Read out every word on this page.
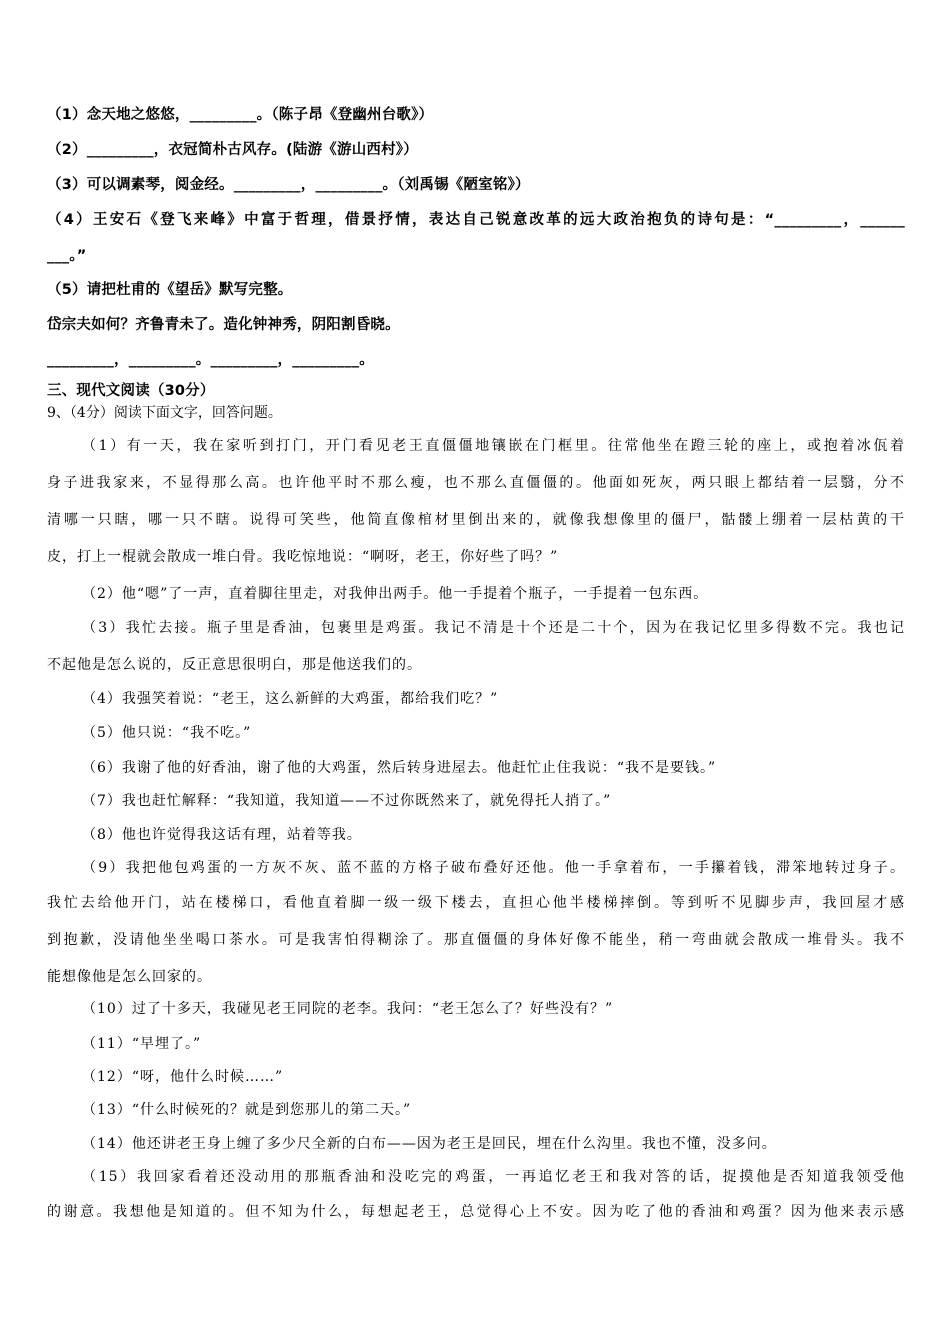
（1）念天地之悠悠，_________。（陈子昂《登幽州台歌》）
（2）_________，衣冠简朴古风存。(陆游《游山西村》）
（3）可以调素琴，阅金经。_________，_________。（刘禹锡《陋室铭》）
（4）王安石《登飞来峰》中富于哲理，借景抒情，表达自己锐意改革的远大政治抱负的诗句是：“_________，______
___。”
（5）请把杜甫的《望岳》默写完整。
岱宗夫如何？齐鲁青未了。造化钟神秀，阴阳割昏晓。
_________，_________。_________，_________。
三、现代文阅读（30分）
9、（4分）阅读下面文字，回答问题。
（1）有一天，我在家听到打门，开门看见老王直僵僵地镶嵌在门框里。往常他坐在蹬三轮的座上，或抱着冰佤着
身子进我家来，不显得那么高。也许他平时不那么瘦，也不那么直僵僵的。他面如死灰，两只眼上都结着一层翳，分不
清哪一只瞎，哪一只不瞎。说得可笑些，他简直像棺材里倒出来的，就像我想像里的僵尸，骷髅上绷着一层枯黄的干
皮，打上一棍就会散成一堆白骨。我吃惊地说：“啊呀，老王，你好些了吗？”
（2）他“嗯”了一声，直着脚往里走，对我伸出两手。他一手提着个瓶子，一手提着一包东西。
（3）我忙去接。瓶子里是香油，包裹里是鸡蛋。我记不清是十个还是二十个，因为在我记忆里多得数不完。我也记
不起他是怎么说的，反正意思很明白，那是他送我们的。
（4）我强笑着说：“老王，这么新鲜的大鸡蛋，都给我们吃？”
（5）他只说：“我不吃。”
（6）我谢了他的好香油，谢了他的大鸡蛋，然后转身进屋去。他赶忙止住我说：“我不是要钱。”
（7）我也赶忙解释：“我知道，我知道——不过你既然来了，就免得托人捎了。”
（8）他也许觉得我这话有理，站着等我。
（9）我把他包鸡蛋的一方灰不灰、蓝不蓝的方格子破布叠好还他。他一手拿着布，一手攥着钱，滞笨地转过身子。
我忙去给他开门，站在楼梯口，看他直着脚一级一级下楼去，直担心他半楼梯摔倒。等到听不见脚步声，我回屋才感
到抱歉，没请他坐坐喝口茶水。可是我害怕得糊涂了。那直僵僵的身体好像不能坐，稍一弯曲就会散成一堆骨头。我不
能想像他是怎么回家的。
（10）过了十多天，我碰见老王同院的老李。我问：“老王怎么了？好些没有？”
（11）“早埋了。”
（12）“呀，他什么时候……”
（13）“什么时候死的？就是到您那儿的第二天。”
（14）他还讲老王身上缠了多少尺全新的白布——因为老王是回民，埋在什么沟里。我也不懂，没多问。
（15）我回家看着还没动用的那瓶香油和没吃完的鸡蛋，一再追忆老王和我对答的话，捉摸他是否知道我领受他
的谢意。我想他是知道的。但不知为什么，每想起老王，总觉得心上不安。因为吃了他的香油和鸡蛋？因为他来表示感
